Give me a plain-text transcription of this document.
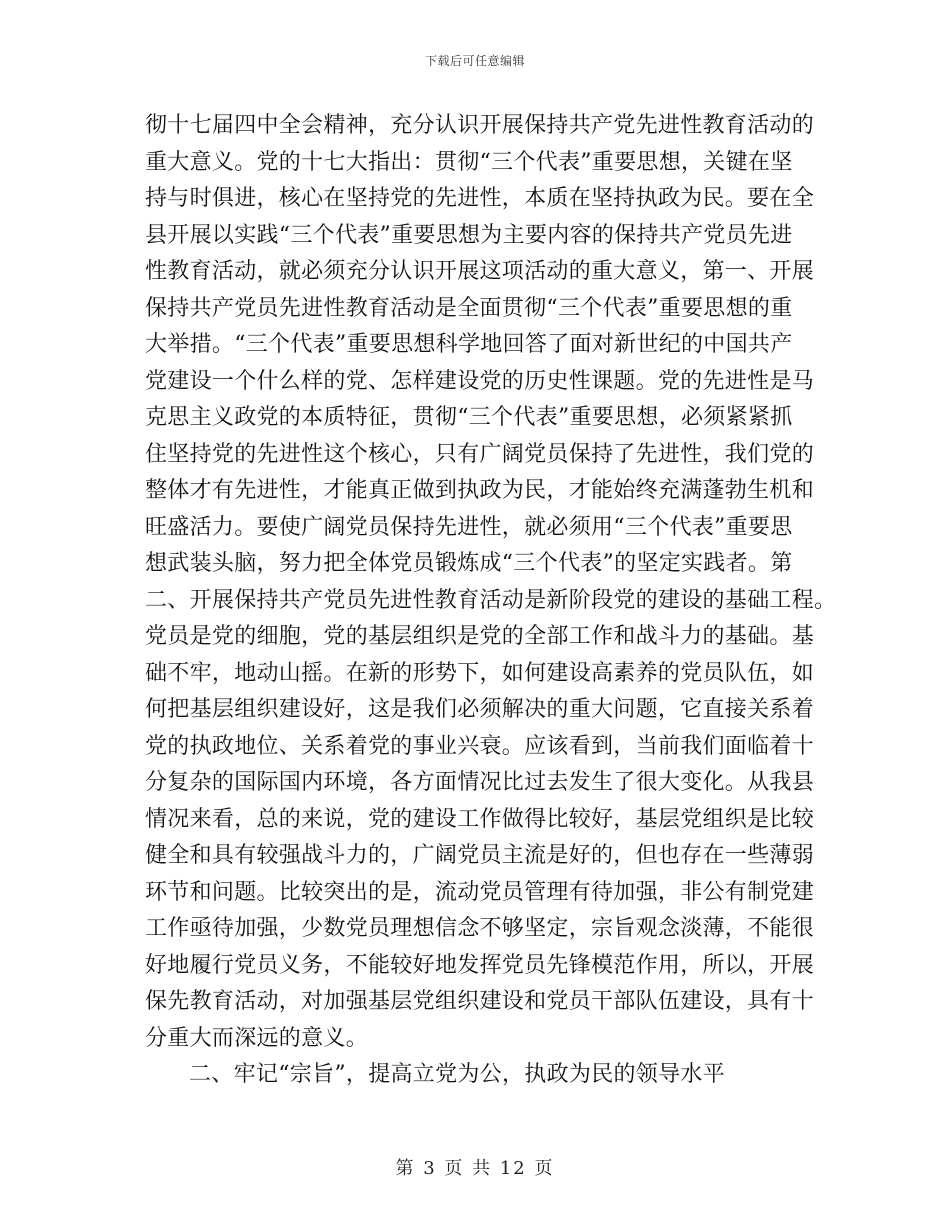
下载后可任意编辑
彻十七届四中全会精神，充分认识开展保持共产党先进性教育活动的
重大意义。党的十七大指出：贯彻“三个代表”重要思想，关键在坚
持与时俱进，核心在坚持党的先进性，本质在坚持执政为民。要在全
县开展以实践“三个代表”重要思想为主要内容的保持共产党员先进
性教育活动，就必须充分认识开展这项活动的重大意义，第一、开展
保持共产党员先进性教育活动是全面贯彻“三个代表”重要思想的重
大举措。“三个代表”重要思想科学地回答了面对新世纪的中国共产
党建设一个什么样的党、怎样建设党的历史性课题。党的先进性是马
克思主义政党的本质特征，贯彻“三个代表”重要思想，必须紧紧抓
住坚持党的先进性这个核心，只有广阔党员保持了先进性，我们党的
整体才有先进性，才能真正做到执政为民，才能始终充满蓬勃生机和
旺盛活力。要使广阔党员保持先进性，就必须用“三个代表”重要思
想武装头脑，努力把全体党员锻炼成“三个代表”的坚定实践者。第
二、开展保持共产党员先进性教育活动是新阶段党的建设的基础工程。
党员是党的细胞，党的基层组织是党的全部工作和战斗力的基础。基
础不牢，地动山摇。在新的形势下，如何建设高素养的党员队伍，如
何把基层组织建设好，这是我们必须解决的重大问题，它直接关系着
党的执政地位、关系着党的事业兴衰。应该看到，当前我们面临着十
分复杂的国际国内环境，各方面情况比过去发生了很大变化。从我县
情况来看，总的来说，党的建设工作做得比较好，基层党组织是比较
健全和具有较强战斗力的，广阔党员主流是好的，但也存在一些薄弱
环节和问题。比较突出的是，流动党员管理有待加强，非公有制党建
工作亟待加强，少数党员理想信念不够坚定，宗旨观念淡薄，不能很
好地履行党员义务，不能较好地发挥党员先锋模范作用，所以，开展
保先教育活动，对加强基层党组织建设和党员干部队伍建设，具有十
分重大而深远的意义。
二、牢记“宗旨”，提高立党为公，执政为民的领导水平
第 3 页 共 12 页
